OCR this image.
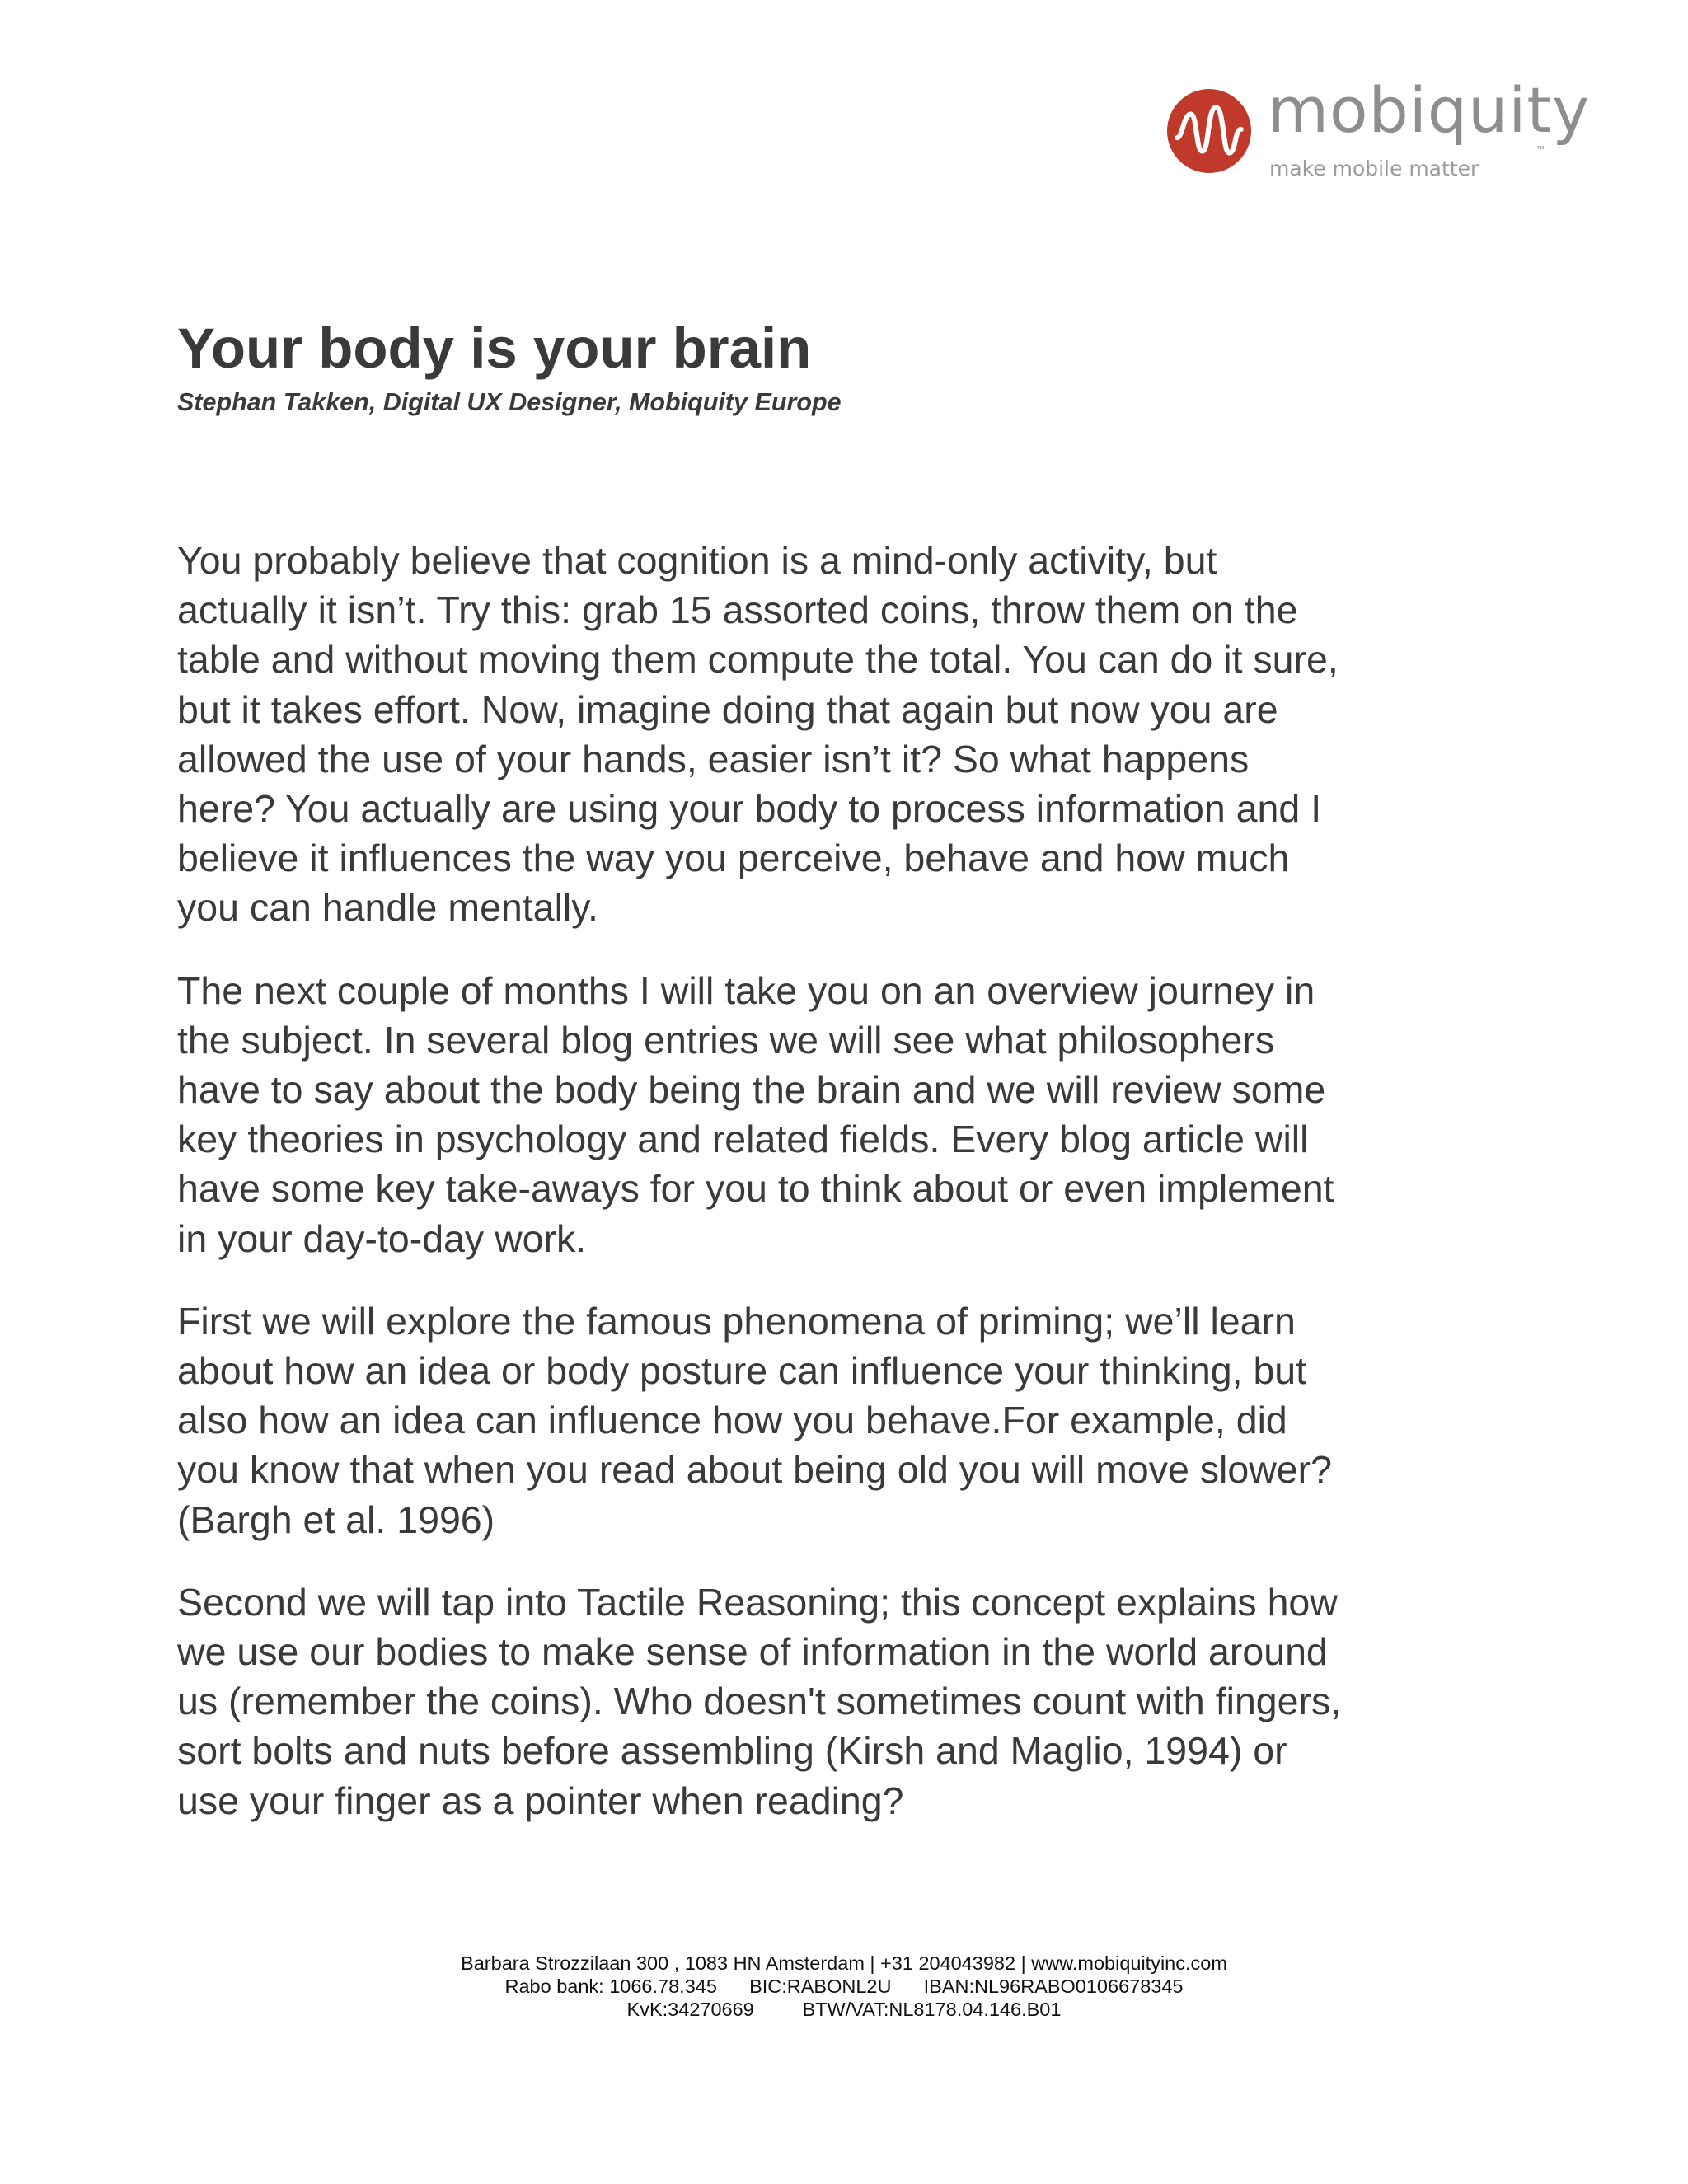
mobiquity
™
make mobile matter
Your body is your brain
Stephan Takken, Digital UX Designer, Mobiquity Europe

You probably believe that cognition is a mind-only activity, but
actually it isn’t. Try this: grab 15 assorted coins, throw them on the
table and without moving them compute the total. You can do it sure,
but it takes effort. Now, imagine doing that again but now you are
allowed the use of your hands, easier isn’t it? So what happens
here? You actually are using your body to process information and I
believe it influences the way you perceive, behave and how much
you can handle mentally.

The next couple of months I will take you on an overview journey in
the subject. In several blog entries we will see what philosophers
have to say about the body being the brain and we will review some
key theories in psychology and related fields. Every blog article will
have some key take-aways for you to think about or even implement
in your day-to-day work.

First we will explore the famous phenomena of priming; we’ll learn
about how an idea or body posture can influence your thinking, but
also how an idea can influence how you behave.For example, did
you know that when you read about being old you will move slower?
(Bargh et al. 1996)

Second we will tap into Tactile Reasoning; this concept explains how
we use our bodies to make sense of information in the world around
us (remember the coins). Who doesn't sometimes count with fingers,
sort bolts and nuts before assembling (Kirsh and Maglio, 1994) or
use your finger as a pointer when reading?

Barbara Strozzilaan 300 , 1083 HN Amsterdam | +31 204043982 | www.mobiquityinc.com
Rabo bank: 1066.78.345      BIC:RABONL2U      IBAN:NL96RABO0106678345
KvK:34270669         BTW/VAT:NL8178.04.146.B01
